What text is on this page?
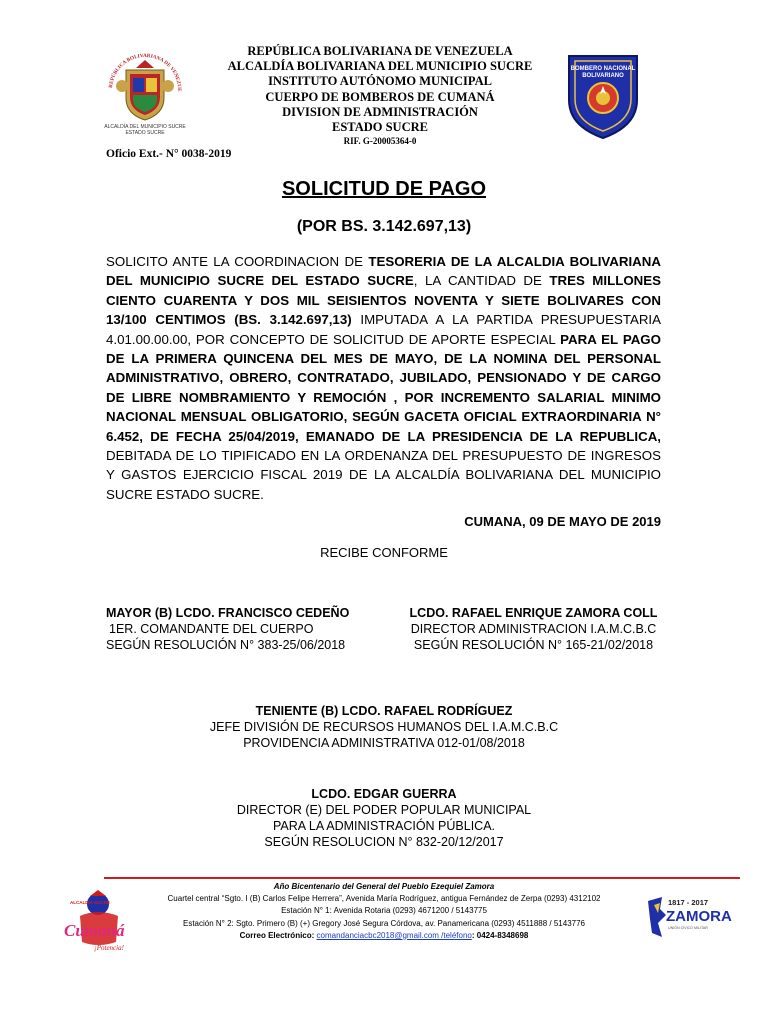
REPÚBLICA BOLIVARIANA DE VENEZUE
ALCALDÍA DEL MUNICIPIO SUCRE
ESTADO SUCRE
REPÚBLICA BOLIVARIANA DE VENEZUELA
ALCALDÍA BOLIVARIANA DEL MUNICIPIO SUCRE
INSTITUTO AUTÓNOMO MUNICIPAL
CUERPO DE BOMBEROS DE CUMANÁ
DIVISION DE ADMINISTRACIÓN
ESTADO SUCRE
RIF. G-20005364-0
BOMBERO NACIONAL
BOLIVARIANO
Oficio Ext.- N° 0038-2019
SOLICITUD DE PAGO
(POR BS. 3.142.697,13)
SOLICITO ANTE LA COORDINACION DE TESORERIA DE LA ALCALDIA BOLIVARIANA DEL MUNICIPIO SUCRE DEL ESTADO SUCRE, LA CANTIDAD DE TRES MILLONES CIENTO CUARENTA Y DOS MIL SEISIENTOS NOVENTA Y SIETE BOLIVARES CON 13/100 CENTIMOS (BS. 3.142.697,13) IMPUTADA A LA PARTIDA PRESUPUESTARIA 4.01.00.00.00, POR CONCEPTO DE SOLICITUD DE APORTE ESPECIAL PARA EL PAGO DE LA PRIMERA QUINCENA DEL MES DE MAYO, DE LA NOMINA DEL PERSONAL ADMINISTRATIVO, OBRERO, CONTRATADO, JUBILADO, PENSIONADO Y DE CARGO DE LIBRE NOMBRAMIENTO Y REMOCIÓN , POR INCREMENTO SALARIAL MINIMO NACIONAL MENSUAL OBLIGATORIO, SEGÚN GACETA OFICIAL EXTRAORDINARIA N° 6.452, DE FECHA 25/04/2019, EMANADO DE LA PRESIDENCIA DE LA REPUBLICA, DEBITADA DE LO TIPIFICADO EN LA ORDENANZA DEL PRESUPUESTO DE INGRESOS Y GASTOS EJERCICIO FISCAL 2019 DE LA ALCALDÍA BOLIVARIANA DEL MUNICIPIO SUCRE ESTADO SUCRE.
CUMANA, 09 DE MAYO DE 2019
RECIBE CONFORME
MAYOR (B) LCDO. FRANCISCO CEDEÑO
1ER. COMANDANTE DEL CUERPO
SEGÚN RESOLUCIÓN N° 383-25/06/2018
LCDO. RAFAEL ENRIQUE ZAMORA COLL
DIRECTOR ADMINISTRACION I.A.M.C.B.C
SEGÚN RESOLUCIÓN N° 165-21/02/2018
TENIENTE (B) LCDO. RAFAEL RODRÍGUEZ
JEFE DIVISIÓN DE RECURSOS HUMANOS DEL I.A.M.C.B.C
PROVIDENCIA ADMINISTRATIVA 012-01/08/2018
LCDO. EDGAR GUERRA
DIRECTOR (E) DEL PODER POPULAR MUNICIPAL
PARA LA ADMINISTRACIÓN PÚBLICA.
SEGÚN RESOLUCION N° 832-20/12/2017
Año Bicentenario del General del Pueblo Ezequiel Zamora
Cuartel central “Sgto. I (B) Carlos Felipe Herrera”, Avenida María Rodríguez, antigua Fernández de Zerpa (0293) 4312102
Estación N° 1: Avenida Rotaria (0293) 4671200 / 5143775
Estación N° 2: Sgto. Primero (B) (+) Gregory José Segura Córdova, av. Panamericana (0293) 4511888 / 5143776
Correo Electrónico: comandanciacbc2018@gmail.com /teléfono: 0424-8348698
ALCALDÍA SUCRE
Cumaná
¡Potencia!
1817 - 2017
ZAMORA
UNIÓN CÍVICO MILITAR
